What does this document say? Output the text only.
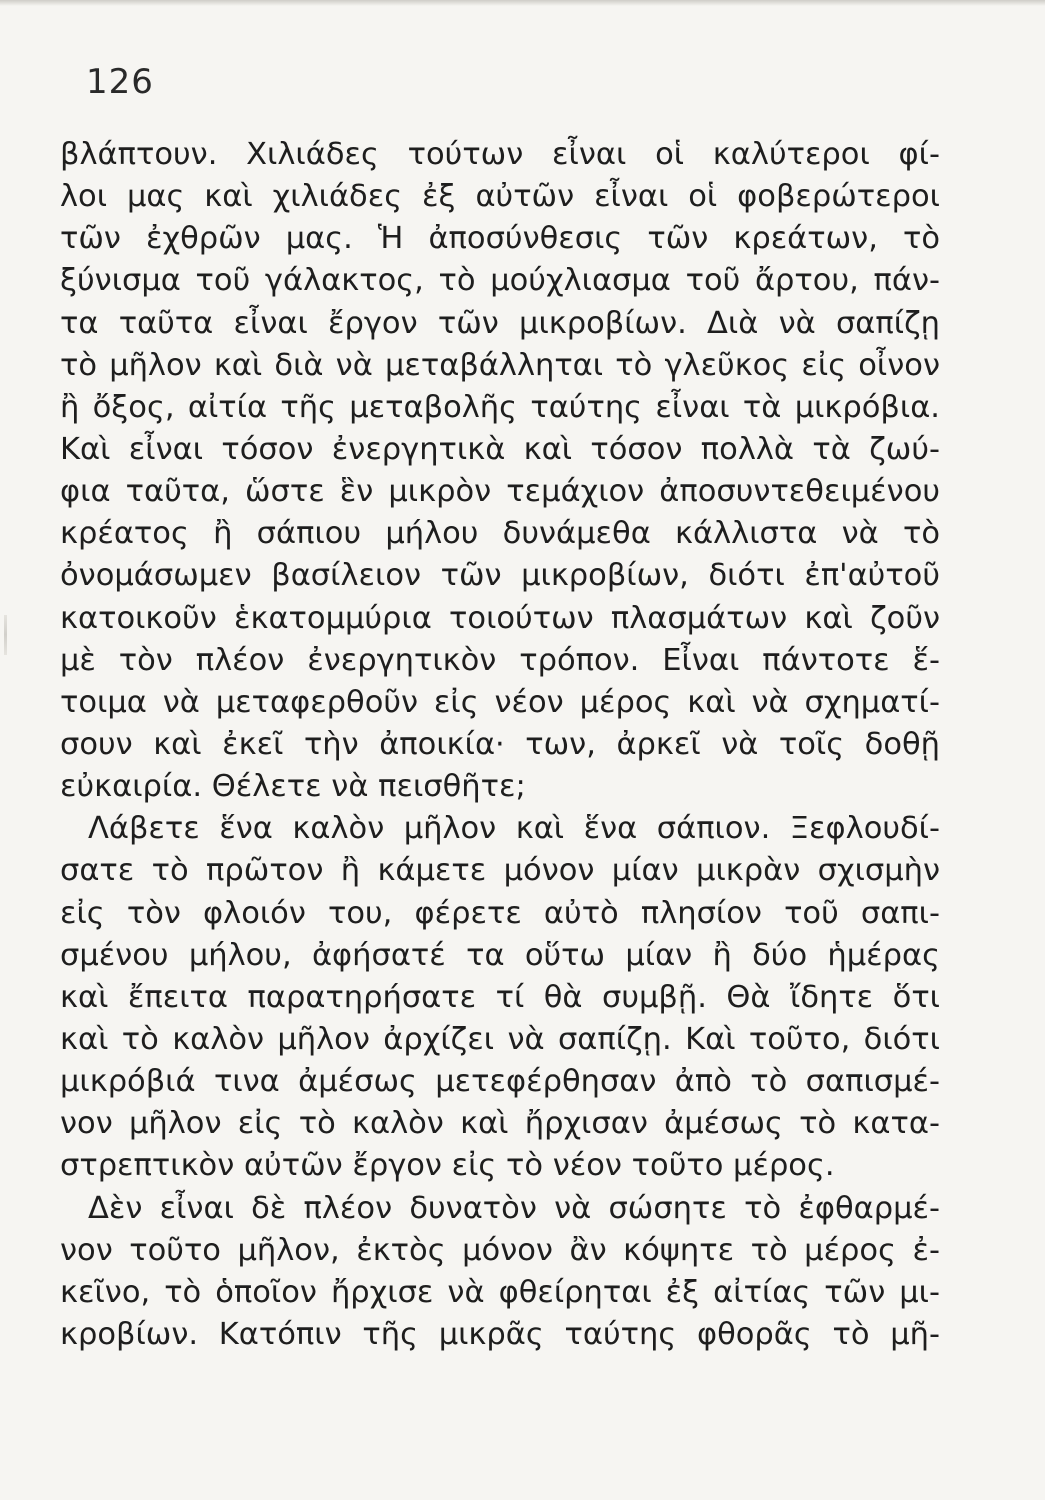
126
βλάπτουν. Χιλιάδες τούτων εἶναι οἱ καλύτεροι φί-
λοι μας καὶ χιλιάδες ἐξ αὐτῶν εἶναι οἱ φοβερώτεροι
τῶν ἐχθρῶν μας. Ἡ ἀποσύνθεσις τῶν κρεάτων, τὸ
ξύνισμα τοῦ γάλακτος, τὸ μούχλιασμα τοῦ ἄρτου, πάν-
τα ταῦτα εἶναι ἔργον τῶν μικροβίων. Διὰ νὰ σαπίζῃ
τὸ μῆλον καὶ διὰ νὰ μεταβάλληται τὸ γλεῦκος εἰς οἶνον
ἢ ὄξος, αἰτία τῆς μεταβολῆς ταύτης εἶναι τὰ μικρόβια.
Καὶ εἶναι τόσον ἐνεργητικὰ καὶ τόσον πολλὰ τὰ ζωύ-
φια ταῦτα, ὥστε ἓν μικρὸν τεμάχιον ἀποσυντεθειμένου
κρέατος ἢ σάπιου μήλου δυνάμεθα κάλλιστα νὰ τὸ
ὀνομάσωμεν βασίλειον τῶν μικροβίων, διότι ἐπ'αὐτοῦ
κατοικοῦν ἑκατομμύρια τοιούτων πλασμάτων καὶ ζοῦν
μὲ τὸν πλέον ἐνεργητικὸν τρόπον. Εἶναι πάντοτε ἕ-
τοιμα νὰ μεταφερθοῦν εἰς νέον μέρος καὶ νὰ σχηματί-
σουν καὶ ἐκεῖ τὴν ἀποικία· των, ἀρκεῖ νὰ τοῖς δοθῇ
εὐκαιρία. Θέλετε νὰ πεισθῆτε;
Λάβετε ἕνα καλὸν μῆλον καὶ ἕνα σάπιον. Ξεφλουδί-
σατε τὸ πρῶτον ἢ κάμετε μόνον μίαν μικρὰν σχισμὴν
εἰς τὸν φλοιόν του, φέρετε αὐτὸ πλησίον τοῦ σαπι-
σμένου μήλου, ἀφήσατέ τα οὕτω μίαν ἢ δύο ἡμέρας
καὶ ἔπειτα παρατηρήσατε τί θὰ συμβῇ. Θὰ ἴδητε ὅτι
καὶ τὸ καλὸν μῆλον ἀρχίζει νὰ σαπίζῃ. Καὶ τοῦτο, διότι
μικρόβιά τινα ἀμέσως μετεφέρθησαν ἀπὸ τὸ σαπισμέ-
νον μῆλον εἰς τὸ καλὸν καὶ ἤρχισαν ἀμέσως τὸ κατα-
στρεπτικὸν αὐτῶν ἔργον εἰς τὸ νέον τοῦτο μέρος.
Δὲν εἶναι δὲ πλέον δυνατὸν νὰ σώσητε τὸ ἐφθαρμέ-
νον τοῦτο μῆλον, ἐκτὸς μόνον ἂν κόψητε τὸ μέρος ἐ-
κεῖνο, τὸ ὁποῖον ἤρχισε νὰ φθείρηται ἐξ αἰτίας τῶν μι-
κροβίων. Κατόπιν τῆς μικρᾶς ταύτης φθορᾶς τὸ μῆ-
